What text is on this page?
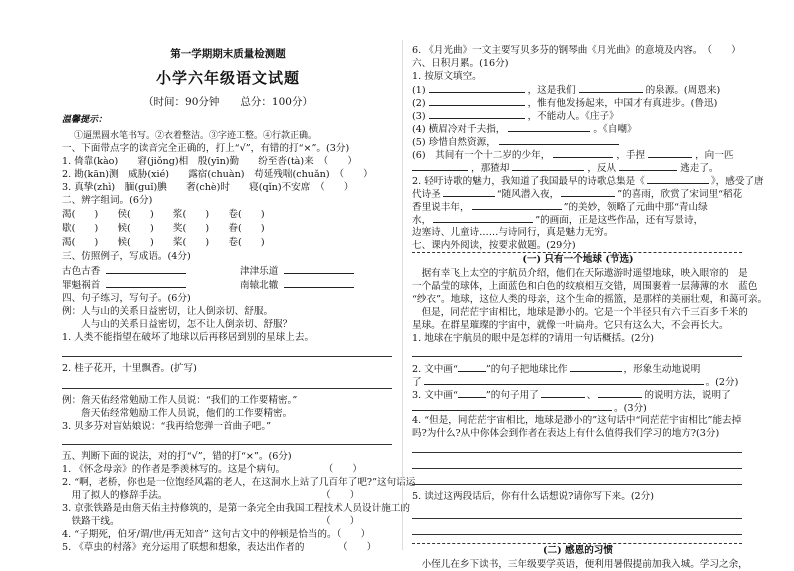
第一学期期末质量检测题
小学六年级语文试题
（时间：90分钟　　总分：100分）
温馨提示：
①逼黑圆水笔书写。②衣着整洁。③字迹工整。④行款正确。
一、下面带点字的读音完全正确的，打上“√”，有错的打“×”。(3分)
1. 倚靠(kào)　　窘(jiǒng)相　殷(yīn)勤　　纷至沓(tà)来　（　　）
2. 勘(kān)测　威胁(xié)　　露宿(chuàn)　苟延残喘(chuǎn)　（　　）
3. 真挚(zhì)　腼(guǐ)腆　　奢(chè)时　　寝(qǐn)不安席　（　　）
二、辨字组词。(6分)
渴(　　)　　侯(　　)　　浆(　　)　　卷(　　)
歇(　　)　　候(　　)　　奖(　　)　　眷(　　)
渴(　　)　　候(　　)　　桨(　　)　　卷(　　)
三、仿照例子，写成语。(4分)
古色古香	津津乐道
罪魁祸首	南辕北辙
四、句子练习，写句子。(6分)
例：人与山的关系日益密切，让人倒亲切、舒服。
　　人与山的关系日益密切，怎不让人倒亲切、舒服？
1. 人类不能指望在破坏了地球以后再移居到别的星球上去。
2. 桂子花开，十里飘香。(扩写)
例：詹天佑经常勉励工作人员说：“我们的工作要精密。”
　　詹天佑经常勉励工作人员说，他们的工作要精密。
3. 贝多芬对盲姑娘说：“我再给您弹一首曲子吧。”
五、判断下面的说法，对的打“√”，错的打“×”。(6分)
1. 《怀念母亲》的作者是季羡林写的。这是个病句。　　　　　（　　）
2. “啊，老桥，你也是一位饱经风霜的老人，在这洞水上站了几百年了吧?”这句话运
　用了拟人的修辞手法。　　　　　　　　　　　　　　　　　（　　）
3. 京张铁路是由詹天佑主持修筑的，是第一条完全由我国工程技术人员设计施工的
　铁路干线。　　　　　　　　　　　　　　　　　　　　　　（　　）
4. “子期死，伯牙/谓/世/再无知音” 这句古文中的停顿是恰当的。（　　）
5. 《草虫的村落》充分运用了联想和想象，表达出作者的　　　　（　　）
6. 《月光曲》一文主要写贝多芬的钢琴曲《月光曲》的意境及内容。　（　　）
六、日积月累。(16分)
1. 按原文填空。
(1)	，这是我们	的泉源。(周恩来)
(2)	，惟有他发扬起来，中国才有真进步。(鲁迅)
(3)	，不能动人。《庄子》
(4) 横眉冷对千夫指，	。《自嘲》
(5) 珍惜自然资源，
(6)　其间有一个十二岁的少年，	，手捏	，向一匹
，那猹却	，反从	逃走了。
2. 轻吁诗歌的魅力，我知道了我国最早的诗歌总集是《	》，感受了唐
代诗圣	“随风潜入夜，	”的喜雨，欣赏了宋词里“稻花
香里说丰年，	”的美妙，领略了元曲中那“青山绿
水，	”的画面，正是这些作品，还有写景诗，
边塞诗、儿童诗……与诗同行，真是魅力无穷。
七、课内外阅读，按要求做题。(29分)
(一) 只有一个地球 (节选)
　据有幸飞上太空的宇航员介绍，他们在天际遨游时遥望地球，映入眼帘的　是
一个晶莹的球体，上面蓝色和白色的纹痕相互交错，周围裹着一层薄薄的水　蓝色
“纱衣”。地球，这位人类的母亲，这个生命的摇篮，是那样的美丽壮观，和蔼可亲。
　但是，同茫茫宇宙相比，地球是渺小的。它是一个半径只有六千三百多千米的
星球。在群星璀璨的宇宙中，就像一叶扁舟。它只有这么大，不会再长大。
1. 地球在宇航员的眼中是怎样的?请用一句话概括。(2分)
2. 文中画“	”的句子把地球比作	，形象生动地说明
了	。(2分)
3. 文中画“	”的句子用了	、	的说明方法，说明了
。(3分)
4. “但是，同茫茫宇宙相比，地球是渺小的”这句话中“同茫茫宇宙相比”能去掉
吗?为什么?从中你体会到作者在表达上有什么值得我们学习的地方?(3分)
5. 读过这两段话后，你有什么话想说?请你写下来。(2分)
(二) 感恩的习惯
　小侄儿在乡下读书，三年级要学英语，便利用暑假提前加我入城。学习之余，
